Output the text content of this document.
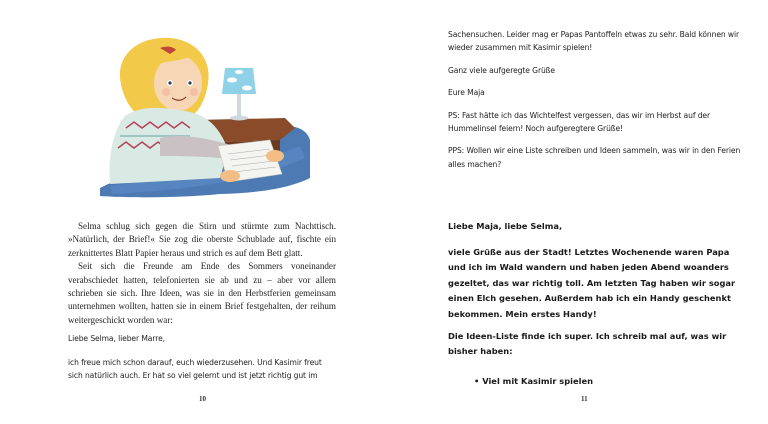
Selma schlug sich gegen die Stirn und stürmte zum Nachttisch. »Natürlich, der Brief!« Sie zog die oberste Schublade auf, fischte ein zerknittertes Blatt Papier heraus und strich es auf dem Bett glatt.

Seit sich die Freunde am Ende des Sommers voneinander verabschiedet hatten, telefonierten sie ab und zu – aber vor allem schrieben sie sich. Ihre Ideen, was sie in den Herbstferien gemeinsam unternehmen wollten, hatten sie in einem Brief festgehalten, der reihum weitergeschickt worden war:

Liebe Selma, lieber Marre,

ich freue mich schon darauf, euch wiederzusehen. Und Kasimir freut sich natürlich auch. Er hat so viel gelernt und ist jetzt richtig gut im

10

Sachensuchen. Leider mag er Papas Pantoffeln etwas zu sehr. Bald können wir wieder zusammen mit Kasimir spielen!

Ganz viele aufgeregte Grüße

Eure Maja

PS: Fast hätte ich das Wichtelfest vergessen, das wir im Herbst auf der Hummelinsel feiern! Noch aufgeregtere Grüße!

PPS: Wollen wir eine Liste schreiben und Ideen sammeln, was wir in den Ferien alles machen?

Liebe Maja, liebe Selma,

viele Grüße aus der Stadt! Letztes Wochenende waren Papa und ich im Wald wandern und haben jeden Abend woanders gezeltet, das war richtig toll. Am letzten Tag haben wir sogar einen Elch gesehen. Außerdem hab ich ein Handy geschenkt bekommen. Mein erstes Handy!

Die Ideen-Liste finde ich super. Ich schreib mal auf, was wir bisher haben:

• Viel mit Kasimir spielen
11
